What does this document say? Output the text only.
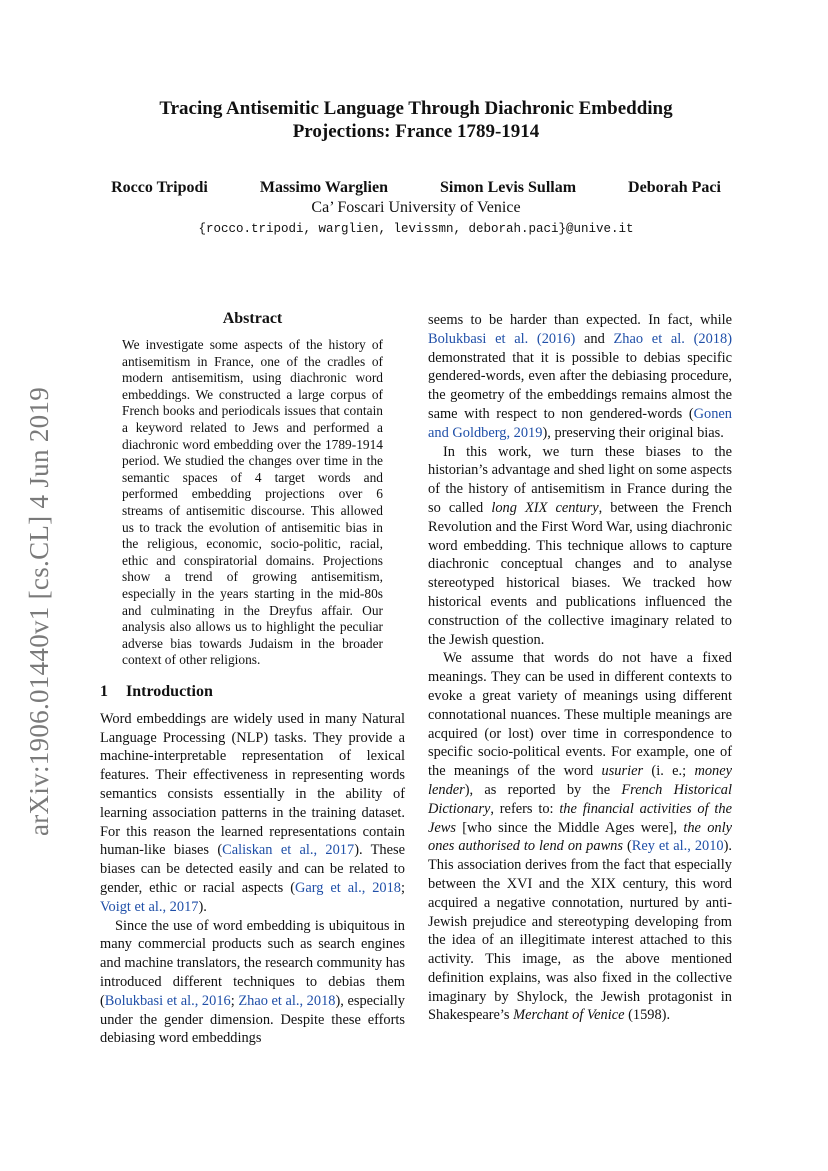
arXiv:1906.01440v1 [cs.CL] 4 Jun 2019
Tracing Antisemitic Language Through Diachronic Embedding
Projections: France 1789-1914
Rocco Tripodi	Massimo Warglien	Simon Levis Sullam	Deborah Paci
Ca’ Foscari University of Venice
{rocco.tripodi, warglien, levissmn, deborah.paci}@unive.it
Abstract
We investigate some aspects of the history of antisemitism in France, one of the cradles of modern antisemitism, using diachronic word embeddings. We constructed a large corpus of French books and periodicals issues that contain a keyword related to Jews and performed a diachronic word embedding over the 1789-1914 period. We studied the changes over time in the semantic spaces of 4 target words and performed embedding projections over 6 streams of antisemitic discourse. This allowed us to track the evolution of antisemitic bias in the religious, economic, socio-politic, racial, ethic and conspiratorial domains. Projections show a trend of growing antisemitism, especially in the years starting in the mid-80s and culminating in the Dreyfus affair. Our analysis also allows us to highlight the peculiar adverse bias towards Judaism in the broader context of other religions.
1 Introduction

Word embeddings are widely used in many Natural Language Processing (NLP) tasks. They provide a machine-interpretable representation of lexical features. Their effectiveness in representing words semantics consists essentially in the ability of learning association patterns in the training dataset. For this reason the learned representations contain human-like biases (Caliskan et al., 2017). These biases can be detected easily and can be related to gender, ethic or racial aspects (Garg et al., 2018; Voigt et al., 2017).

Since the use of word embedding is ubiquitous in many commercial products such as search engines and machine translators, the research community has introduced different techniques to debias them (Bolukbasi et al., 2016; Zhao et al., 2018), especially under the gender dimension. Despite these efforts debiasing word embeddings

seems to be harder than expected. In fact, while Bolukbasi et al. (2016) and Zhao et al. (2018) demonstrated that it is possible to debias specific gendered-words, even after the debiasing procedure, the geometry of the embeddings remains almost the same with respect to non gendered-words (Gonen and Goldberg, 2019), preserving their original bias.

In this work, we turn these biases to the historian’s advantage and shed light on some aspects of the history of antisemitism in France during the so called long XIX century, between the French Revolution and the First Word War, using diachronic word embedding. This technique allows to capture diachronic conceptual changes and to analyse stereotyped historical biases. We tracked how historical events and publications influenced the construction of the collective imaginary related to the Jewish question.

We assume that words do not have a fixed meanings. They can be used in different contexts to evoke a great variety of meanings using different connotational nuances. These multiple meanings are acquired (or lost) over time in correspondence to specific socio-political events. For example, one of the meanings of the word usurier (i. e.; money lender), as reported by the French Historical Dictionary, refers to: the financial activities of the Jews [who since the Middle Ages were], the only ones authorised to lend on pawns (Rey et al., 2010). This association derives from the fact that especially between the XVI and the XIX century, this word acquired a negative connotation, nurtured by anti-Jewish prejudice and stereotyping developing from the idea of an illegitimate interest attached to this activity. This image, as the above mentioned definition explains, was also fixed in the collective imaginary by Shylock, the Jewish protagonist in Shakespeare’s Merchant of Venice (1598).
